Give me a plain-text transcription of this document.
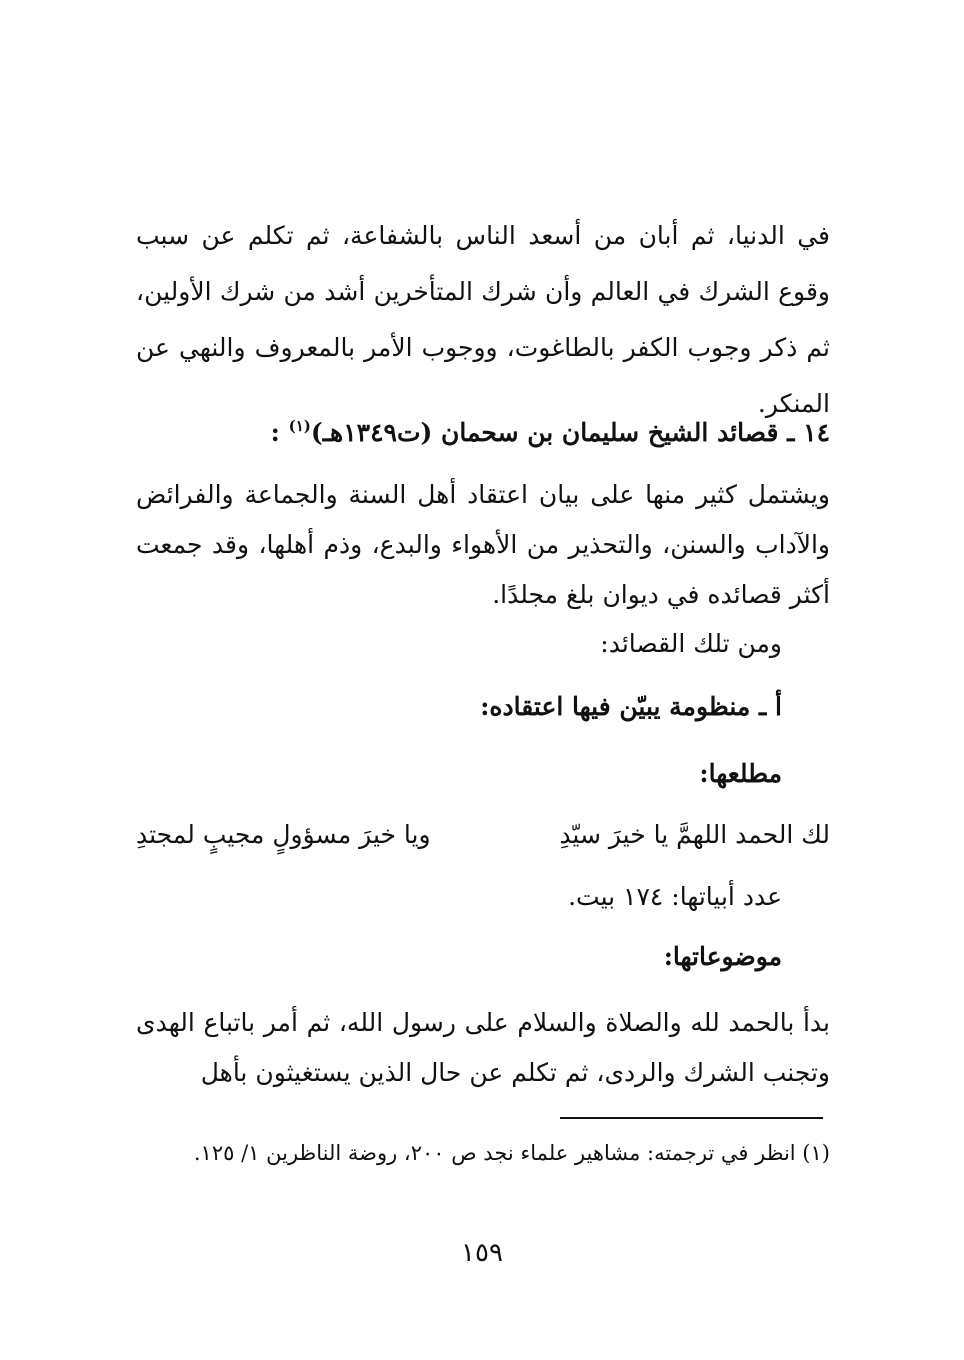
في الدنيا، ثم أبان من أسعد الناس بالشفاعة، ثم تكلم عن سبب وقوع الشرك في العالم وأن شرك المتأخرين أشد من شرك الأولين، ثم ذكر وجوب الكفر بالطاغوت، ووجوب الأمر بالمعروف والنهي عن المنكر.

١٤ ـ قصائد الشيخ سليمان بن سحمان (ت١٣٤٩هـ)$^{(١)}$ :

ويشتمل كثير منها على بيان اعتقاد أهل السنة والجماعة والفرائض والآداب والسنن، والتحذير من الأهواء والبدع، وذم أهلها، وقد جمعت أكثر قصائده في ديوان بلغ مجلدًا.

ومن تلك القصائد:
أ ـ منظومة يبيّن فيها اعتقاده:
مطلعها:
لك الحمد اللهمَّ يا خيرَ سيّدِ
ويا خيرَ مسؤولٍ مجيبٍ لمجتدِ
عدد أبياتها: ١٧٤ بيت.
موضوعاتها:

بدأ بالحمد لله والصلاة والسلام على رسول الله، ثم أمر باتباع الهدى وتجنب الشرك والردى، ثم تكلم عن حال الذين يستغيثون بأهل

(١) انظر في ترجمته: مشاهير علماء نجد ص ٢٠٠، روضة الناظرين ١/ ١٢٥.

١٥٩
